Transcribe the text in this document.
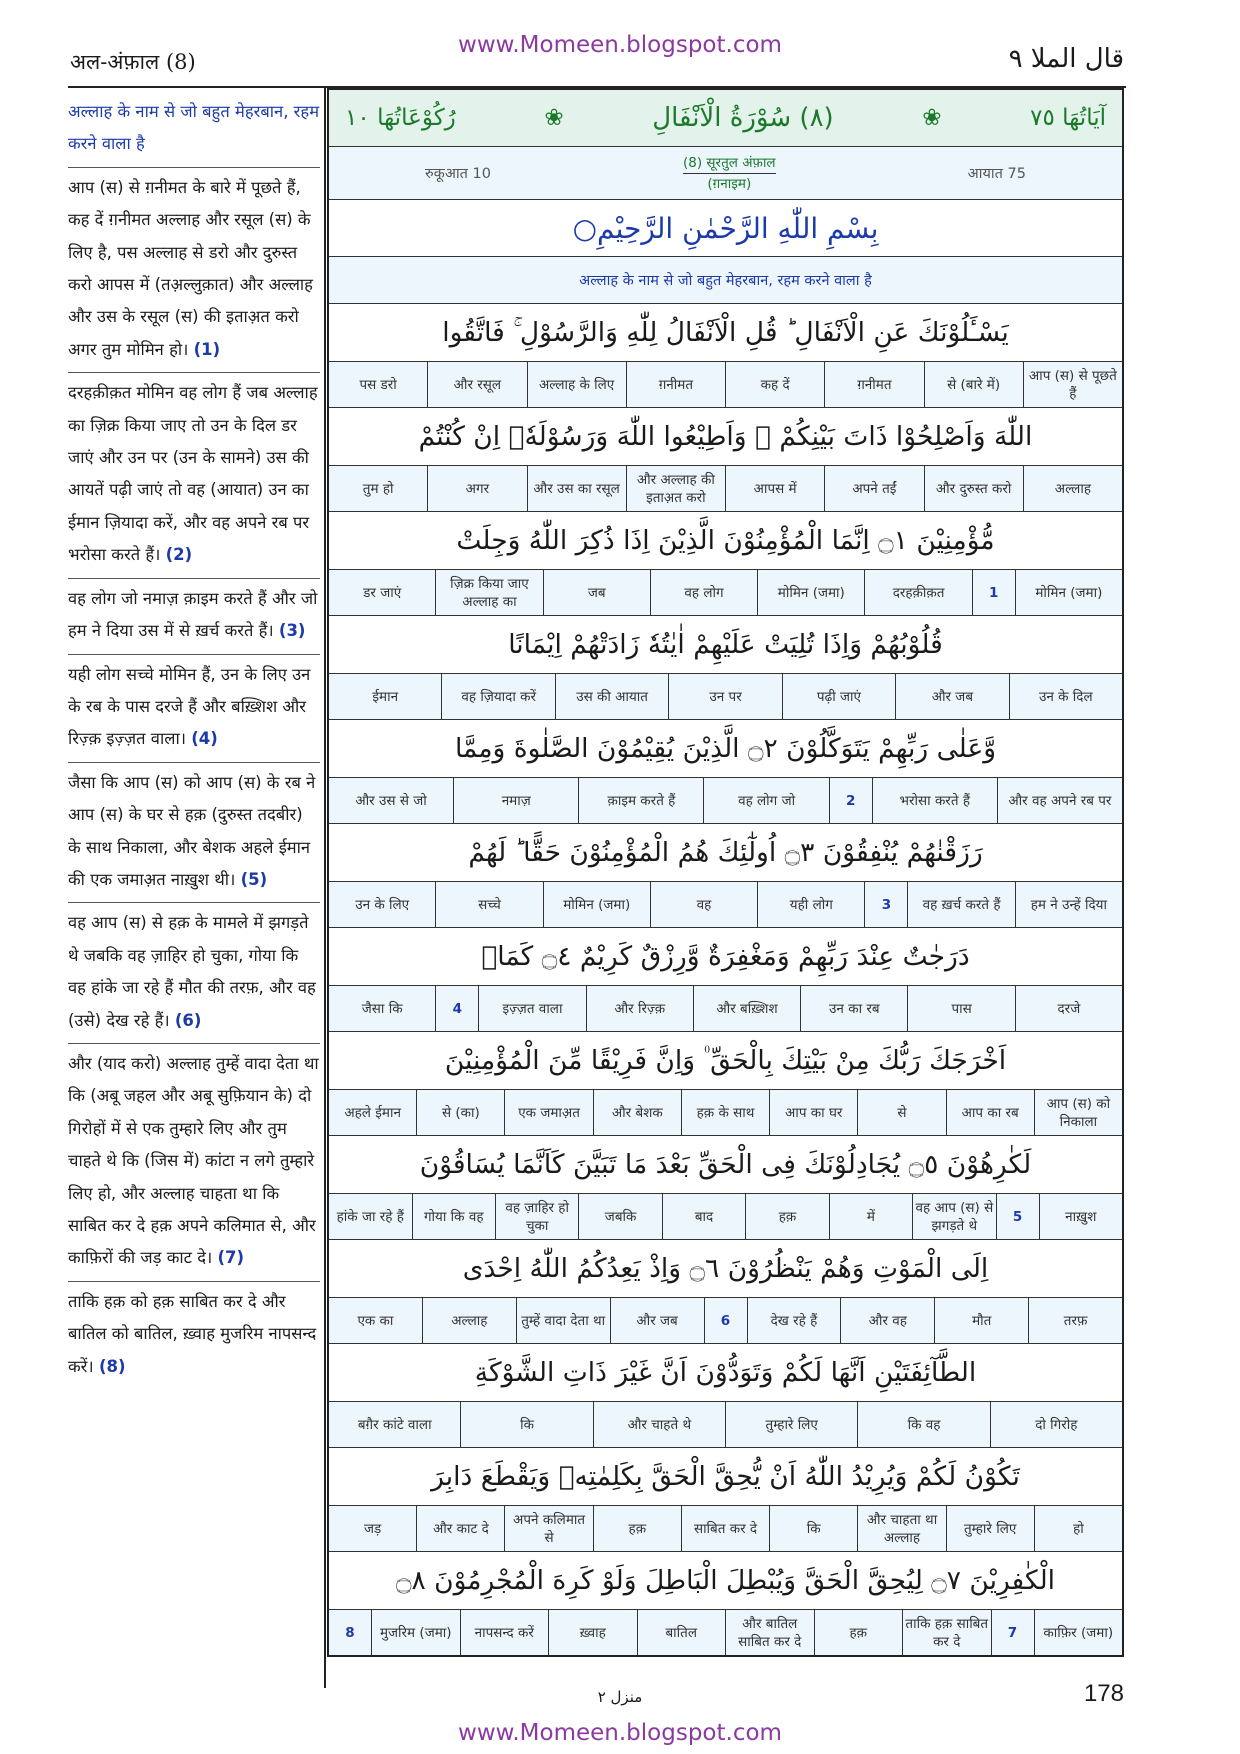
www.Momeen.blogspot.com
अल-अंफ़ाल (8)	قال الملا ٩

अल्लाह के नाम से जो बहुत मेहरबान, रहम करने वाला है

आप (स) से ग़नीमत के बारे में पूछते हैं, कह दें ग़नीमत अल्लाह और रसूल (स) के लिए है, पस अल्लाह से डरो और दुरुस्त करो आपस में (तअ़ल्लुक़ात) और अल्लाह और उस के रसूल (स) की इताअ़त करो अगर तुम मोमिन हो। (1)

दरहक़ीक़त मोमिन वह लोग हैं जब अल्लाह का ज़िक्र किया जाए तो उन के दिल डर जाएं और उन पर (उन के सामने) उस की आयतें पढ़ी जाएं तो वह (आयात) उन का ईमान ज़ियादा करें, और वह अपने रब पर भरोसा करते हैं। (2)

वह लोग जो नमाज़ क़ाइम करते हैं और जो हम ने दिया उस में से ख़र्च करते हैं। (3)

यही लोग सच्चे मोमिन हैं, उन के लिए उन के रब के पास दरजे हैं और बख़्शिश और रिज़्क़ इज़्ज़त वाला। (4)

जैसा कि आप (स) को आप (स) के रब ने आप (स) के घर से हक़ (दुरुस्त तदबीर) के साथ निकाला, और बेशक अहले ईमान की एक जमाअ़त नाख़ुश थी। (5)

वह आप (स) से हक़ के मामले में झगड़ते थे जबकि वह ज़ाहिर हो चुका, गोया कि वह हांके जा रहे हैं मौत की तरफ़, और वह (उसे) देख रहे हैं। (6)

और (याद करो) अल्लाह तुम्हें वादा देता था कि (अबू जहल और अबू सुफ़ियान के) दो गिरोहों में से एक तुम्हारे लिए और तुम चाहते थे कि (जिस में) कांटा न लगे तुम्हारे लिए हो, और अल्लाह चाहता था कि साबित कर दे हक़ अपने कलिमात से, और काफ़िरों की जड़ काट दे। (7)

ताकि हक़ को हक़ साबित कर दे और बातिल को बातिल, ख़्वाह मुजरिम नापसन्द करें। (8)

آيَاتُهَا ٧٥
❀
(٨) سُوْرَةُ الْاَنْفَالِ
❀
رُكُوْعَاتُهَا ١٠
रुकूआत 10
(8) सूरतुल अंफ़ाल
(ग़नाइम)
आयात 75
بِسْمِ اللّٰهِ الرَّحْمٰنِ الرَّحِيْمِ○
अल्लाह के नाम से जो बहुत मेहरबान, रहम करने वाला है
يَسْـَٔلُوْنَكَ عَنِ الْاَنْفَالِ ؕ قُلِ الْاَنْفَالُ لِلّٰهِ وَالرَّسُوْلِ ۚ فَاتَّقُوا
आप (स) से पूछते हैं
से (बारे में)
ग़नीमत
कह दें
ग़नीमत
अल्लाह के लिए
और रसूल
पस डरो
اللّٰهَ وَاَصْلِحُوْا ذَاتَ بَيْنِكُمْ ۠ وَاَطِيْعُوا اللّٰهَ وَرَسُوْلَهٗۤ اِنْ كُنْتُمْ
अल्लाह
और दुरुस्त करो
अपने तईं
आपस में
और अल्लाह की इताअ़त करो
और उस का रसूल
अगर
तुम हो
مُّؤْمِنِيْنَ ۝١ اِنَّمَا الْمُؤْمِنُوْنَ الَّذِيْنَ اِذَا ذُكِرَ اللّٰهُ وَجِلَتْ
मोमिन (जमा)
1
दरहक़ीक़त
मोमिन (जमा)
वह लोग
जब
ज़िक्र किया जाए अल्लाह का
डर जाएं
قُلُوْبُهُمْ وَاِذَا تُلِيَتْ عَلَيْهِمْ اٰيٰتُهٗ زَادَتْهُمْ اِيْمَانًا
उन के दिल
और जब
पढ़ी जाएं
उन पर
उस की आयात
वह ज़ियादा करें
ईमान
وَّعَلٰى رَبِّهِمْ يَتَوَكَّلُوْنَ ۝٢ الَّذِيْنَ يُقِيْمُوْنَ الصَّلٰوةَ وَمِمَّا
और वह अपने रब पर
भरोसा करते हैं
2
वह लोग जो
क़ाइम करते हैं
नमाज़
और उस से जो
رَزَقْنٰهُمْ يُنْفِقُوْنَ ۝٣ اُولٰٓئِكَ هُمُ الْمُؤْمِنُوْنَ حَقًّا ؕ لَهُمْ
हम ने उन्हें दिया
वह ख़र्च करते हैं
3
यही लोग
वह
मोमिन (जमा)
सच्चे
उन के लिए
دَرَجٰتٌ عِنْدَ رَبِّهِمْ وَمَغْفِرَةٌ وَّرِزْقٌ كَرِيْمٌ ۝٤ كَمَاۤ
दरजे
पास
उन का रब
और बख़्शिश
और रिज़्क़
इज़्ज़त वाला
4
जैसा कि
اَخْرَجَكَ رَبُّكَ مِنْ بَيْتِكَ بِالْحَقِّ ۠ وَاِنَّ فَرِيْقًا مِّنَ الْمُؤْمِنِيْنَ
आप (स) को निकाला
आप का रब
से
आप का घर
हक़ के साथ
और बेशक
एक जमाअ़त
से (का)
अहले ईमान
لَكٰرِهُوْنَ ۝٥ يُجَادِلُوْنَكَ فِى الْحَقِّ بَعْدَ مَا تَبَيَّنَ كَاَنَّمَا يُسَاقُوْنَ
नाख़ुश
5
वह आप (स) से झगड़ते थे
में
हक़
बाद
जबकि
वह ज़ाहिर हो चुका
गोया कि वह
हांके जा रहे हैं
اِلَى الْمَوْتِ وَهُمْ يَنْظُرُوْنَ ۝٦ وَاِذْ يَعِدُكُمُ اللّٰهُ اِحْدَى
तरफ़
मौत
और वह
देख रहे हैं
6
और जब
तुम्हें वादा देता था
अल्लाह
एक का
الطَّآئِفَتَيْنِ اَنَّهَا لَكُمْ وَتَوَدُّوْنَ اَنَّ غَيْرَ ذَاتِ الشَّوْكَةِ
दो गिरोह
कि वह
तुम्हारे लिए
और चाहते थे
कि
बग़ैर कांटे वाला
تَكُوْنُ لَكُمْ وَيُرِيْدُ اللّٰهُ اَنْ يُّحِقَّ الْحَقَّ بِكَلِمٰتِهٖ وَيَقْطَعَ دَابِرَ
हो
तुम्हारे लिए
और चाहता था अल्लाह
कि
साबित कर दे
हक़
अपने कलिमात से
और काट दे
जड़
الْكٰفِرِيْنَ ۝٧ لِيُحِقَّ الْحَقَّ وَيُبْطِلَ الْبَاطِلَ وَلَوْ كَرِهَ الْمُجْرِمُوْنَ ۝٨
काफ़िर (जमा)
7
ताकि हक़ साबित कर दे
हक़
और बातिल साबित कर दे
बातिल
ख़्वाह
नापसन्द करें
मुजरिम (जमा)
8
منزل ٢	178
www.Momeen.blogspot.com
